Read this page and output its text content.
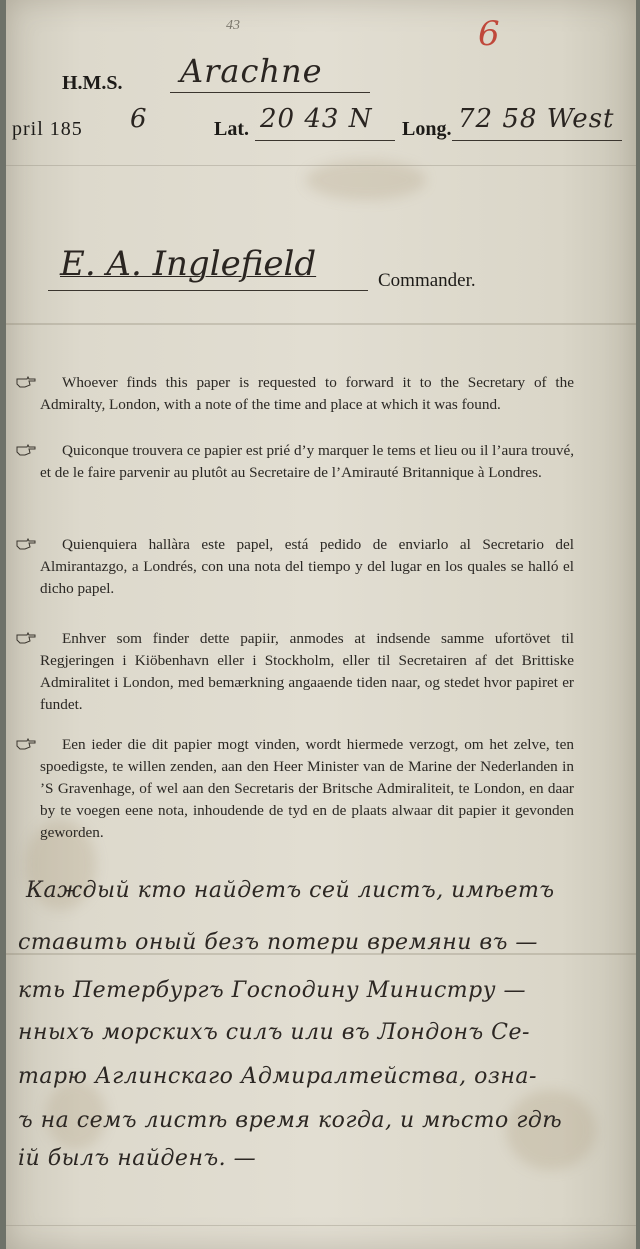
H.M.S. Arachne
43	6
pril 185 6	Lat. 20 43 N Long. 72 58 West
E. A. Inglefield	Commander.
Whoever finds this paper is requested to forward it to the Secretary of the Admiralty, London, with a note of the time and place at which it was found.
Quiconque trouvera ce papier est prié d’y marquer le tems et lieu ou il l’aura trouvé, et de le faire parvenir au plutôt au Secretaire de l’Amirauté Britannique à Londres.
Quienquiera hallàra este papel, está pedido de enviarlo al Secretario del Almirantazgo, a Londrés, con una nota del tiempo y del lugar en los quales se halló el dicho papel.
Enhver som finder dette papiir, anmodes at indsende samme ufortövet til Regjeringen i Kiöbenhavn eller i Stockholm, eller til Secretairen af det Brittiske Admiralitet i London, med bemærkning angaaende tiden naar, og stedet hvor papiret er fundet.
Een ieder die dit papier mogt vinden, wordt hiermede verzogt, om het zelve, ten spoedigste, te willen zenden, aan den Heer Minister van de Marine der Nederlanden in ’S Gravenhage, of wel aan den Secretaris der Britsche Admiraliteit, te London, en daar by te voegen eene nota, inhoudende de tyd en de plaats alwaar dit papier it gevonden geworden.
Каждый кто найдетъ сей листъ, имѣетъ
ставить оный безъ потери времяни въ —
кть Петербургъ Господину Министру —
нныхъ морскихъ силъ или въ Лондонъ Се-
тарю Аглинскаго Адмиралтейства, озна-
ъ на семъ листѣ время когда, и мѣсто гдѣ
ій былъ найденъ. —
